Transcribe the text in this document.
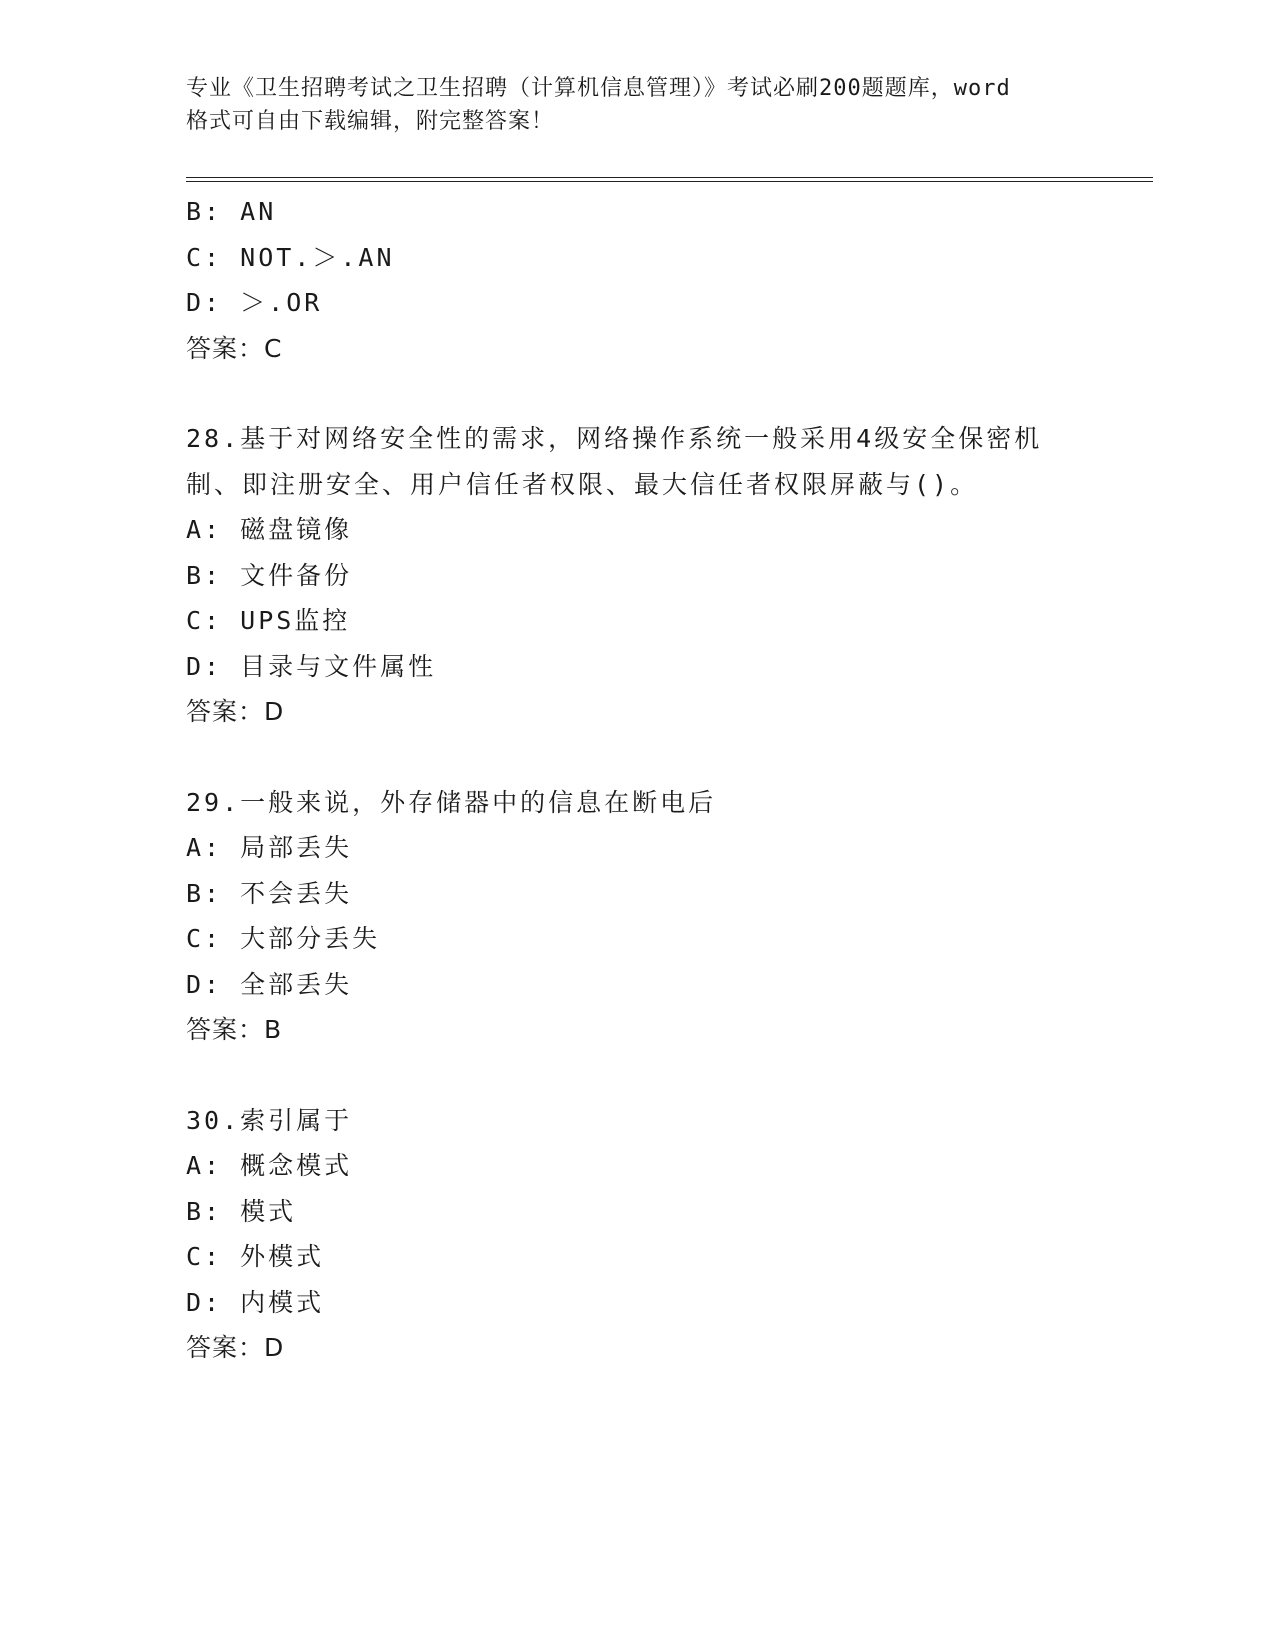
专业《卫生招聘考试之卫生招聘（计算机信息管理）》考试必刷200题题库，word
格式可自由下载编辑，附完整答案！
B: AN
C: NOT.＞.AN
D: ＞.OR
答案：C
28.基于对网络安全性的需求，网络操作系统一般采用4级安全保密机
制、即注册安全、用户信任者权限、最大信任者权限屏蔽与()。
A: 磁盘镜像
B: 文件备份
C: UPS监控
D: 目录与文件属性
答案：D
29.一般来说，外存储器中的信息在断电后
A: 局部丢失
B: 不会丢失
C: 大部分丢失
D: 全部丢失
答案：B
30.索引属于
A: 概念模式
B: 模式
C: 外模式
D: 内模式
答案：D
